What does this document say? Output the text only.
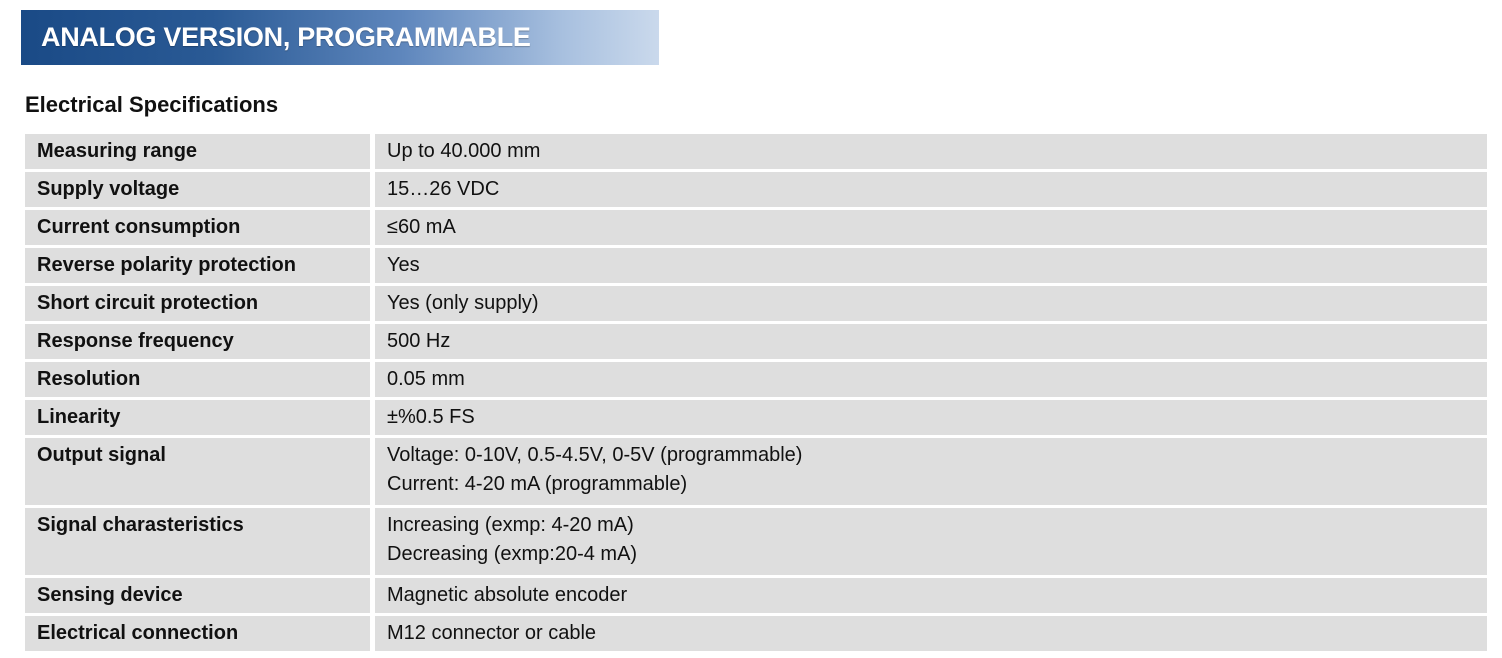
ANALOG VERSION, PROGRAMMABLE
Electrical Specifications
Measuring range	Up to 40.000 mm

Supply voltage	15…26 VDC

Current consumption	≤60 mA

Reverse polarity protection	Yes

Short circuit protection	Yes (only supply)

Response frequency	500 Hz

Resolution	0.05 mm

Linearity	±%0.5 FS

Output signal	Voltage: 0-10V, 0.5-4.5V, 0-5V (programmable)
Current: 4-20 mA (programmable)

Signal charasteristics	Increasing (exmp: 4-20 mA)
Decreasing (exmp:20-4 mA)

Sensing device	Magnetic absolute encoder

Electrical connection	M12 connector or cable
